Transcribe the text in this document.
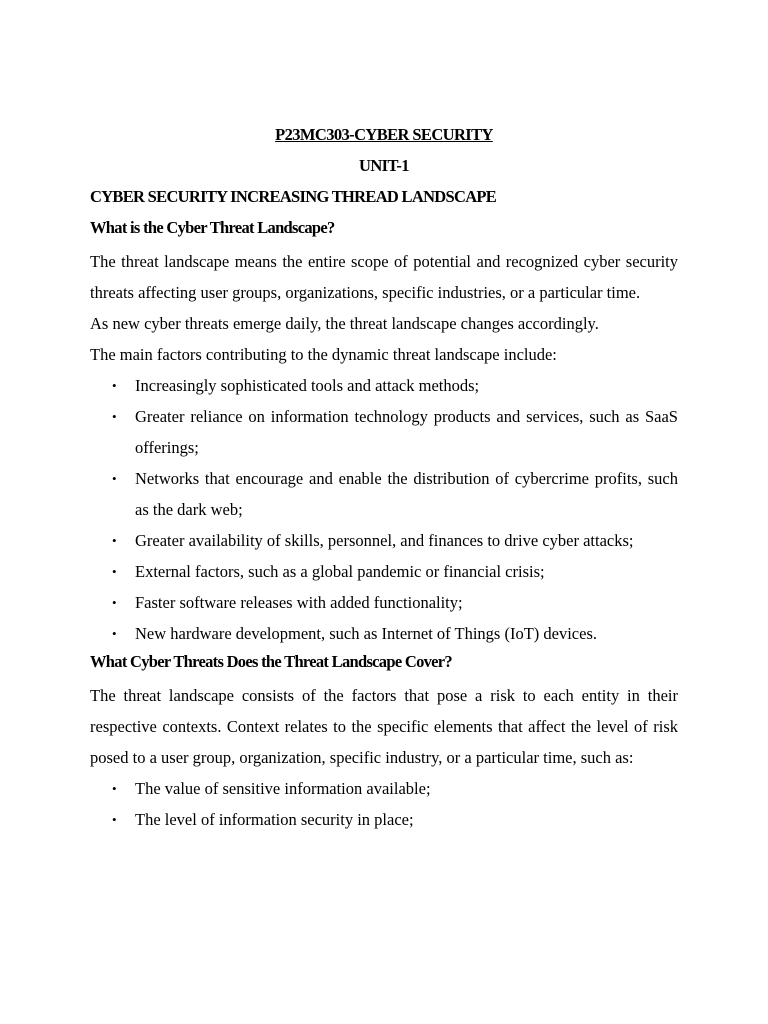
P23MC303-CYBER SECURITY
UNIT-1
CYBER SECURITY INCREASING THREAD LANDSCAPE
What is the Cyber Threat Landscape?
The threat landscape means the entire scope of potential and recognized cyber security threats affecting user groups, organizations, specific industries, or a particular time.
As new cyber threats emerge daily, the threat landscape changes accordingly.
The main factors contributing to the dynamic threat landscape include:
• Increasingly sophisticated tools and attack methods;
• Greater reliance on information technology products and services, such as SaaS offerings;
• Networks that encourage and enable the distribution of cybercrime profits, such as the dark web;
• Greater availability of skills, personnel, and finances to drive cyber attacks;
• External factors, such as a global pandemic or financial crisis;
• Faster software releases with added functionality;
• New hardware development, such as Internet of Things (IoT) devices.
What Cyber Threats Does the Threat Landscape Cover?
The threat landscape consists of the factors that pose a risk to each entity in their respective contexts. Context relates to the specific elements that affect the level of risk posed to a user group, organization, specific industry, or a particular time, such as:
• The value of sensitive information available;
• The level of information security in place;
